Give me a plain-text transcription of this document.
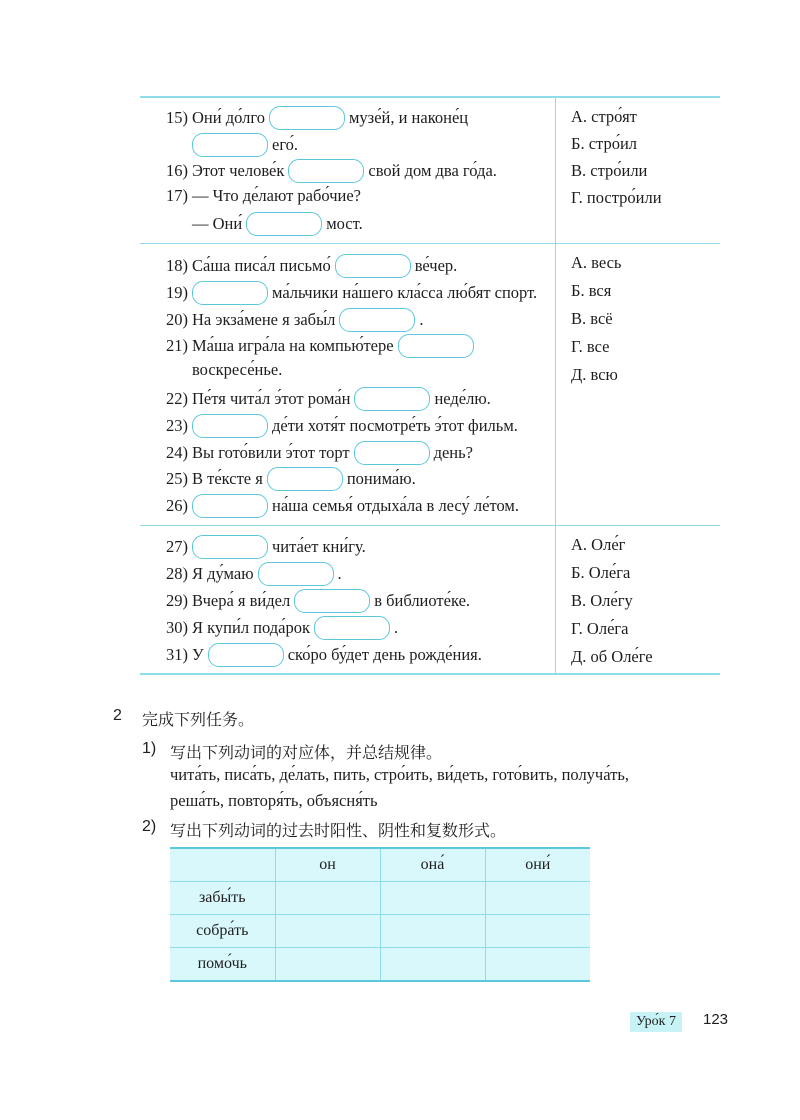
15) Они́ до́лго	музе́й, и наконе́ц
его́.
16) Этот челове́к	свой дом два го́да.
17) — Что де́лают рабо́чие?
— Они́	мост.
А. стро́ят
Б. стро́ил
В. стро́или
Г. постро́или
18) Са́ша писа́л письмо́	ве́чер.
19)	ма́льчики на́шего кла́сса лю́бят спорт.
20) На экза́мене я забы́л	.
21) Ма́ша игра́ла на компью́тере
воскресе́нье.
22) Пе́тя чита́л э́тот рома́н	неде́лю.
23)	де́ти хотя́т посмотре́ть э́тот фильм.
24) Вы гото́вили э́тот торт	день?
25) В те́ксте я	понима́ю.
26)	на́ша семья́ отдыха́ла в лесу́ ле́том.
А. весь
Б. вся
В. всё
Г. все
Д. всю
27)	чита́ет кни́гу.
28) Я ду́маю	.
29) Вчера́ я ви́дел	в библиоте́ке.
30) Я купи́л пода́рок	.
31) У	ско́ро бу́дет день рожде́ния.
А. Оле́г
Б. Оле́га
В. Оле́гу
Г. Оле́га
Д. об Оле́ге
2 完成下列任务。
1) 写出下列动词的对应体，并总结规律。
чита́ть, писа́ть, де́лать, пить, стро́ить, ви́деть, гото́вить, получа́ть,
реша́ть, повторя́ть, объясня́ть
2) 写出下列动词的过去时阳性、阴性和复数形式。
	он	она́	они́
забы́ть			
собра́ть			
помо́чь			
Уро́к 7	123
